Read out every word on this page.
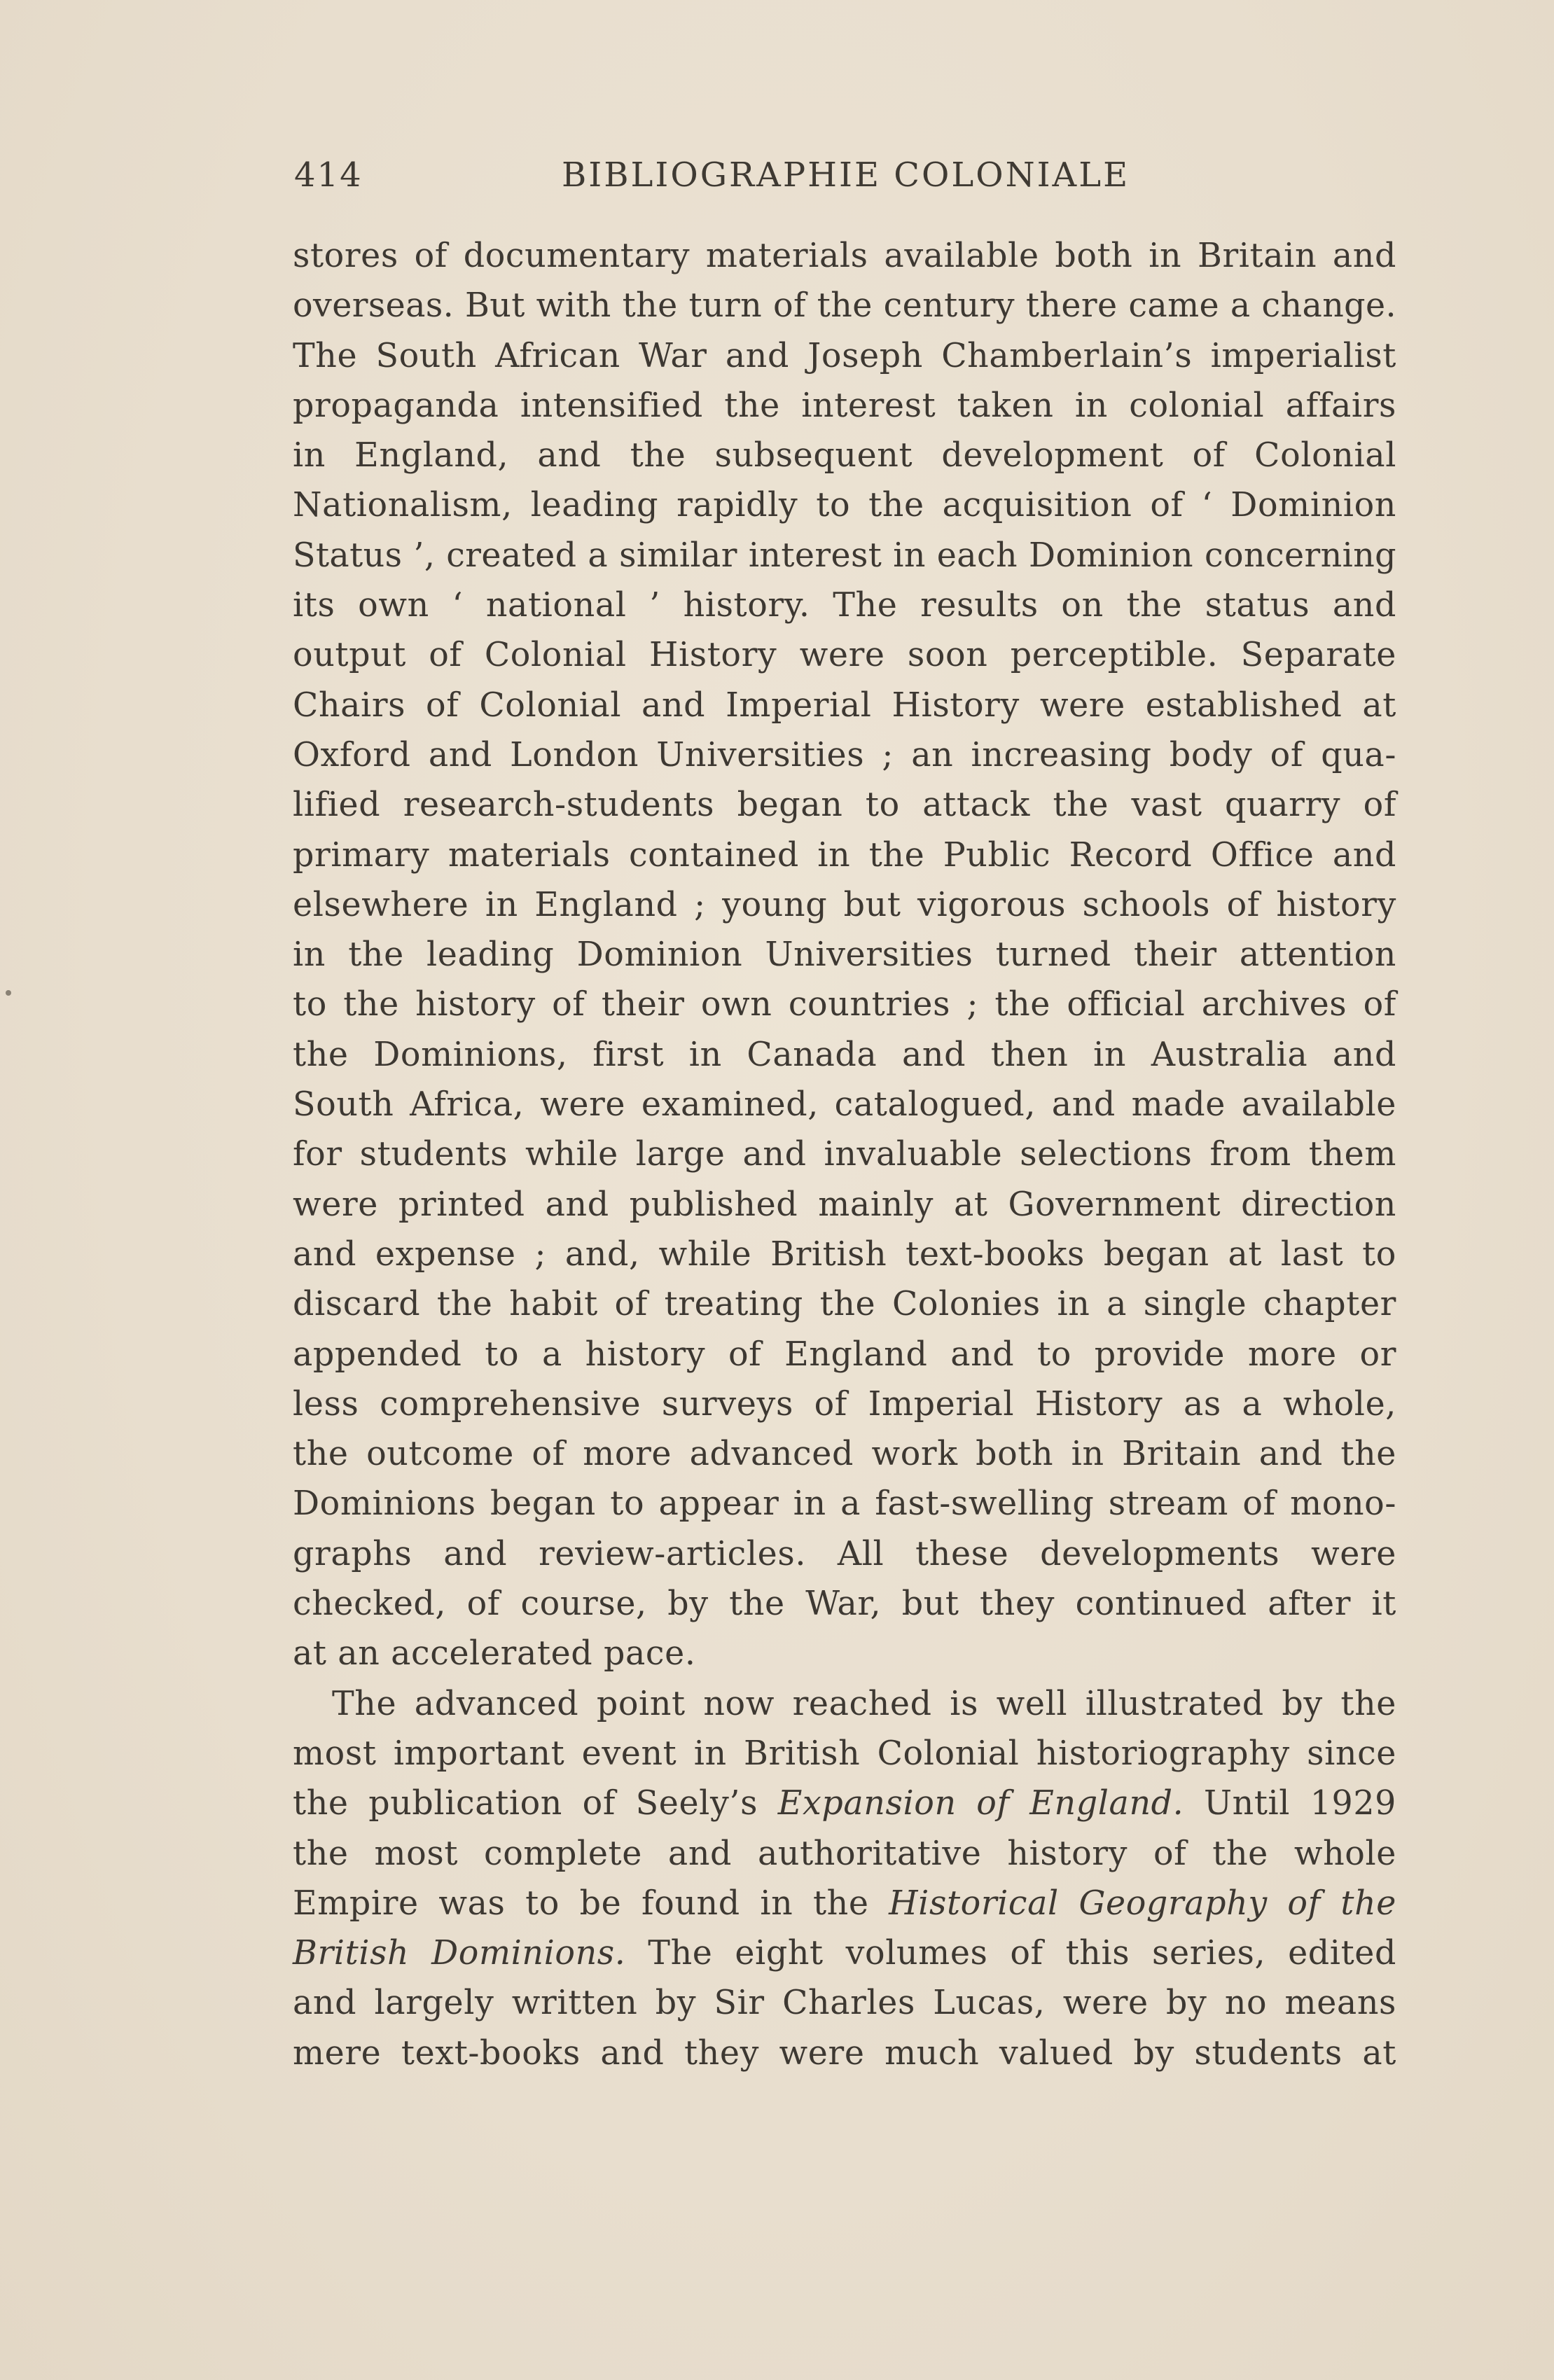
414	BIBLIOGRAPHIE COLONIALE
stores of documentary materials available both in Britain and
overseas. But with the turn of the century there came a change.
The South African War and Joseph Chamberlain’s imperialist
propaganda intensified the interest taken in colonial affairs
in England, and the subsequent development of Colonial
Nationalism, leading rapidly to the acquisition of ‘ Dominion
Status ’, created a similar interest in each Dominion concerning
its own ‘ national ’ history. The results on the status and
output of Colonial History were soon perceptible. Separate
Chairs of Colonial and Imperial History were established at
Oxford and London Universities ; an increasing body of qua-
lified research-students began to attack the vast quarry of
primary materials contained in the Public Record Office and
elsewhere in England ; young but vigorous schools of history
in the leading Dominion Universities turned their attention
to the history of their own countries ; the official archives of
the Dominions, first in Canada and then in Australia and
South Africa, were examined, catalogued, and made available
for students while large and invaluable selections from them
were printed and published mainly at Government direction
and expense ; and, while British text-books began at last to
discard the habit of treating the Colonies in a single chapter
appended to a history of England and to provide more or
less comprehensive surveys of Imperial History as a whole,
the outcome of more advanced work both in Britain and the
Dominions began to appear in a fast-swelling stream of mono-
graphs and review-articles. All these developments were
checked, of course, by the War, but they continued after it
at an accelerated pace.
The advanced point now reached is well illustrated by the
most important event in British Colonial historiography since
the publication of Seely’s Expansion of England. Until 1929
the most complete and authoritative history of the whole
Empire was to be found in the Historical Geography of the
British Dominions. The eight volumes of this series, edited
and largely written by Sir Charles Lucas, were by no means
mere text-books and they were much valued by students at
